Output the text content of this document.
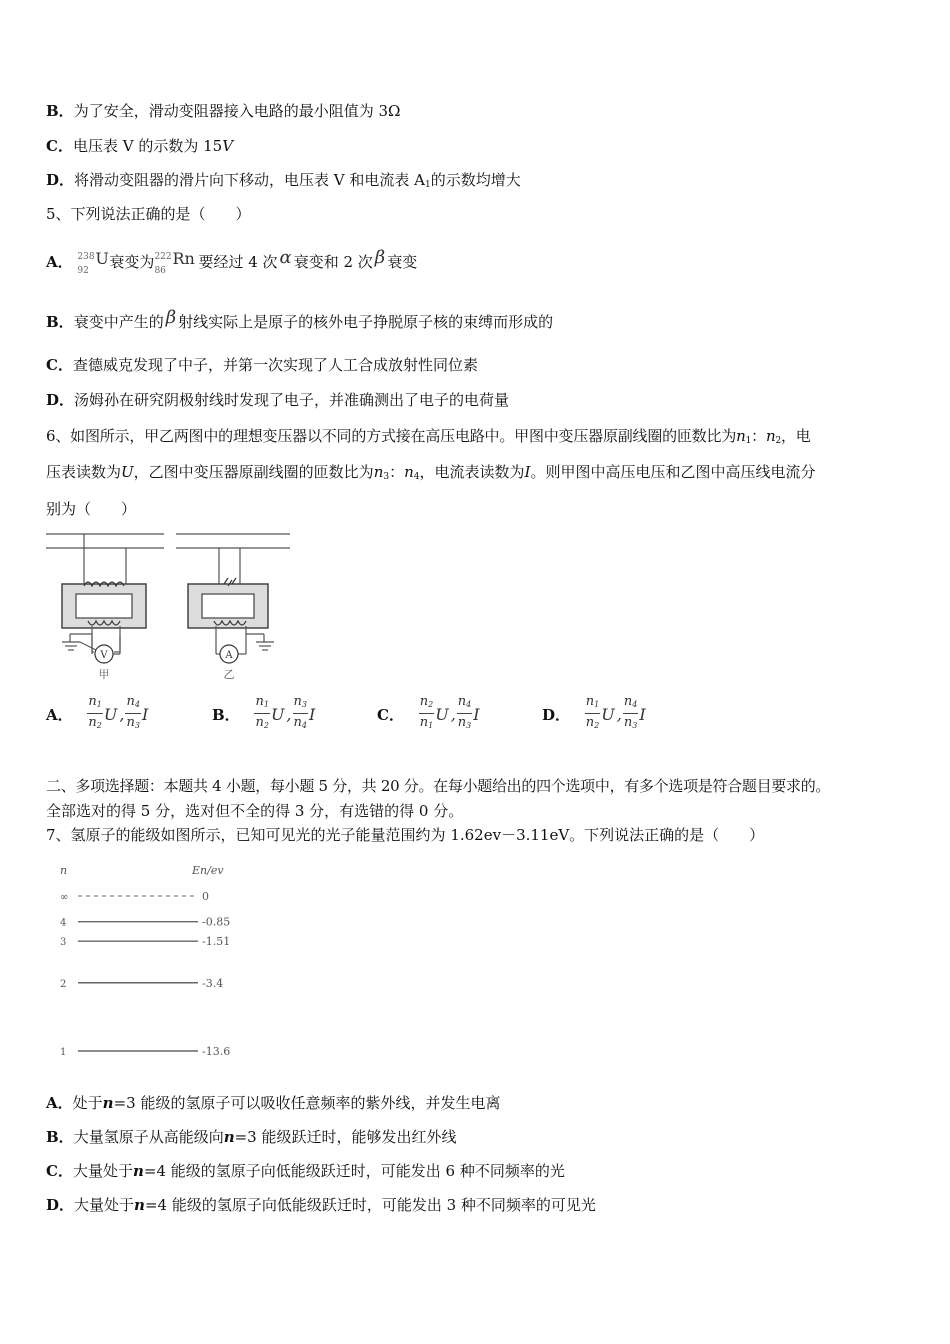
B．为了安全，滑动变阻器接入电路的最小阻值为 3Ω
C．电压表 V 的示数为 15V
D．将滑动变阻器的滑片向下移动，电压表 V 和电流表 $A_1$的示数均增大
5、下列说法正确的是（　　）
A． 238
92
U 衰变为 222
86
Rn 要经过 4 次 α 衰变和 2 次 β 衰变
B．衰变中产生的 β 射线实际上是原子的核外电子挣脱原子核的束缚而形成的
C．查德威克发现了中子，并第一次实现了人工合成放射性同位素
D．汤姆孙在研究阴极射线时发现了电子，并准确测出了电子的电荷量
6、如图所示，甲乙两图中的理想变压器以不同的方式接在高压电路中。甲图中变压器原副线圈的匝数比为$n_1$：$n_2$，电
压表读数为U，乙图中变压器原副线圈的匝数比为$n_3$：$n_4$，电流表读数为I。则甲图中高压电压和乙图中高压线电流分
别为（　　）
V	A
甲	乙
A． $\frac{n_1}{n_2}$ U , $\frac{n_4}{n_3}$ I	B． $\frac{n_1}{n_2}$ U , $\frac{n_3}{n_4}$ I	C． $\frac{n_2}{n_1}$ U , $\frac{n_4}{n_3}$ I	D． $\frac{n_1}{n_2}$ U , $\frac{n_4}{n_3}$ I
二、多项选择题：本题共 4 小题，每小题 5 分，共 20 分。在每小题给出的四个选项中，有多个选项是符合题目要求的。
全部选对的得 5 分，选对但不全的得 3 分，有选错的得 0 分。
7、氢原子的能级如图所示，已知可见光的光子能量范围约为 1.62ev－3.11eV。下列说法正确的是（　　）
n	En/ev
∞	0
4	-0.85
3	-1.51
2	-3.4
1	-13.6
A．处于n=3 能级的氢原子可以吸收任意频率的紫外线，并发生电离
B．大量氢原子从高能级向n=3 能级跃迁时，能够发出红外线
C．大量处于n=4 能级的氢原子向低能级跃迁时，可能发出 6 种不同频率的光
D．大量处于n=4 能级的氢原子向低能级跃迁时，可能发出 3 种不同频率的可见光
